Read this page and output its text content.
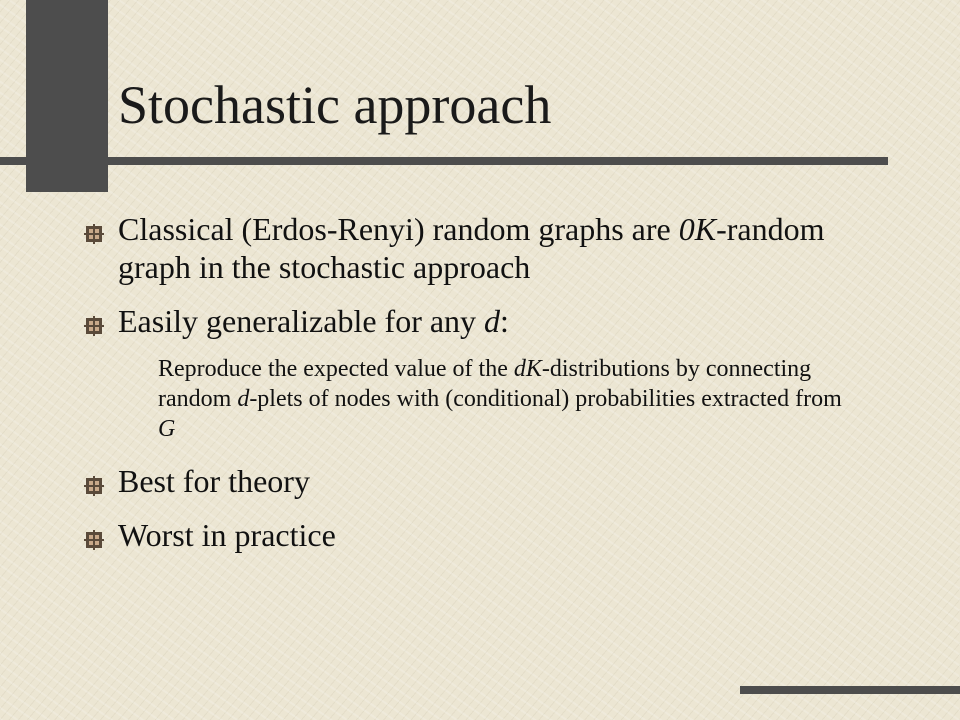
Stochastic approach
Classical (Erdos-Renyi) random graphs are 0K-random graph in the stochastic approach
Easily generalizable for any d:
Reproduce the expected value of the dK-distributions by connecting random d-plets of nodes with (conditional) probabilities extracted from G
Best for theory
Worst in practice
